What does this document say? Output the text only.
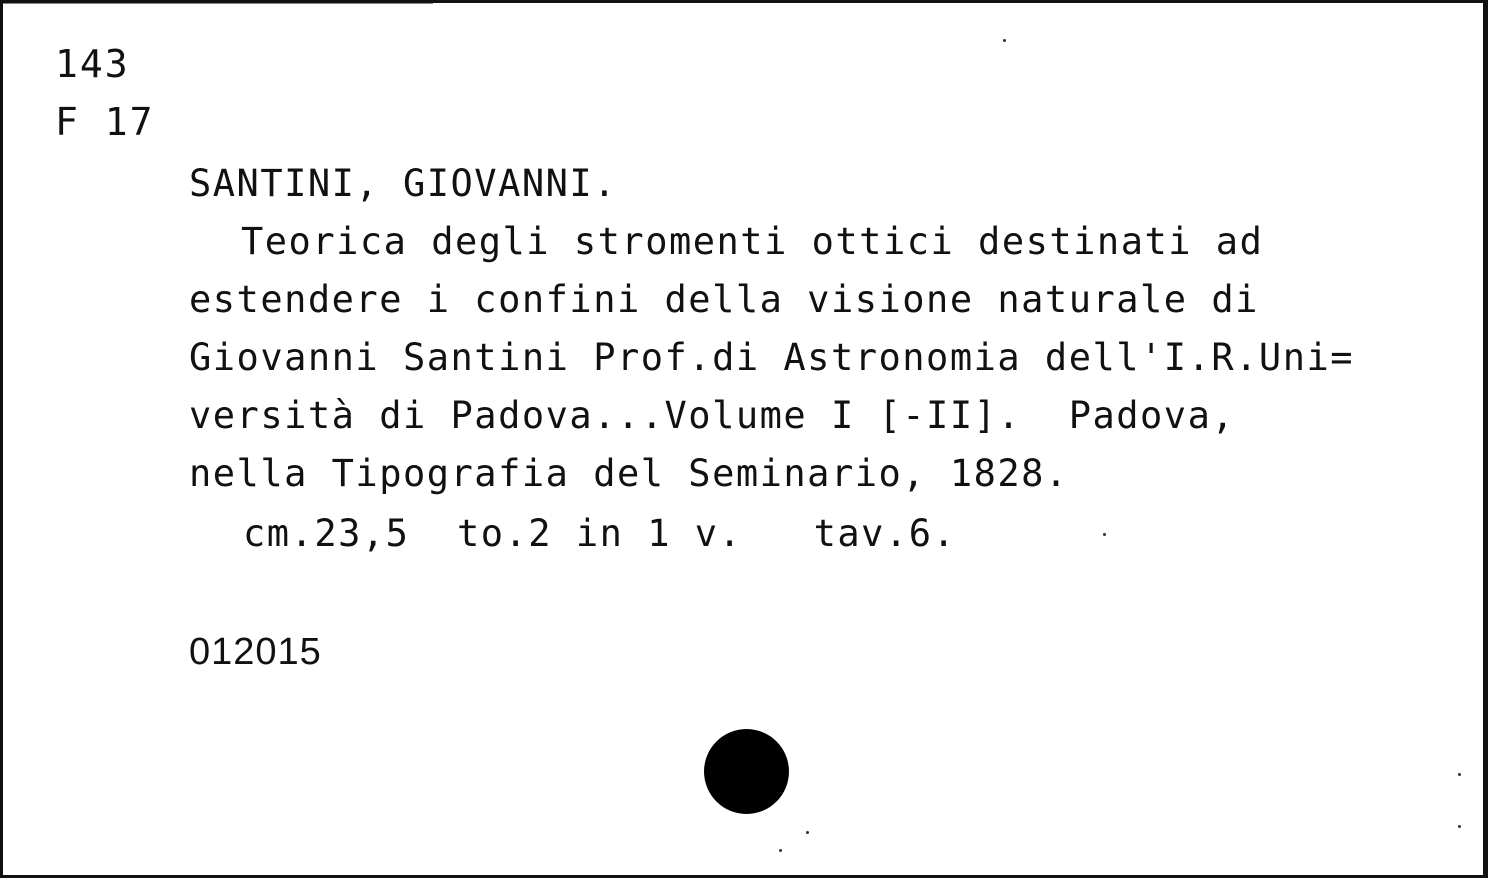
143
F 17
SANTINI, GIOVANNI.
Teorica degli stromenti ottici destinati ad
estendere i confini della visione naturale di
Giovanni Santini Prof.di Astronomia dell'I.R.Uni=
versità di Padova...Volume I [-II].  Padova,
nella Tipografia del Seminario, 1828.
cm.23,5  to.2 in 1 v.   tav.6.
012015
